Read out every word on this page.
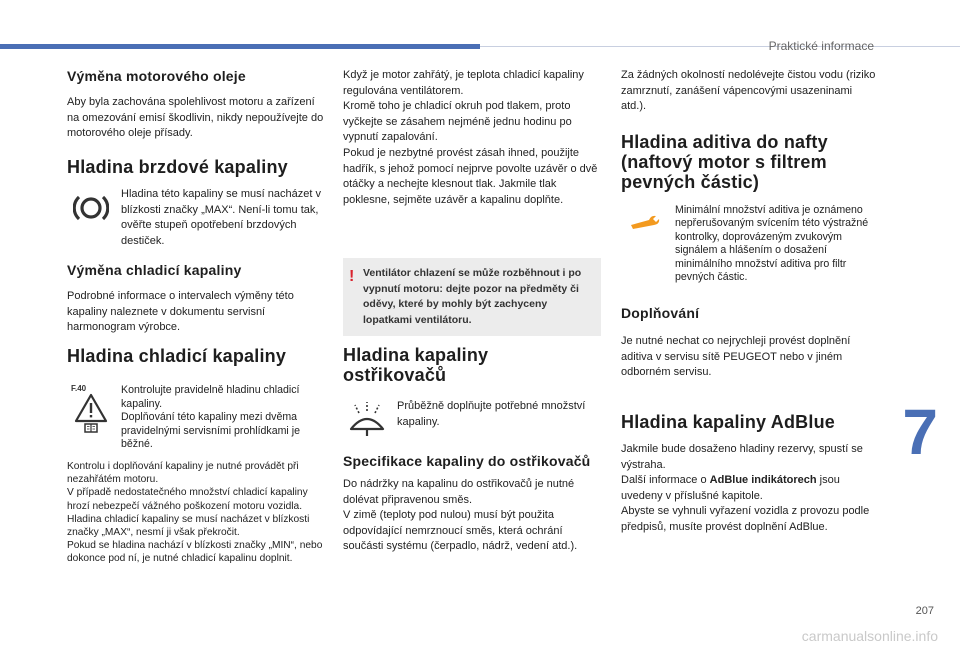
Praktické informace
7
207
carmanualsonline.info
Výměna motorového oleje

Aby byla zachována spolehlivost motoru a zařízení na omezování emisí škodlivin, nikdy nepoužívejte do motorového oleje přísady.

Hladina brzdové kapaliny

Hladina této kapaliny se musí nacházet v blízkosti značky „MAX“. Není-li tomu tak, ověřte stupeň opotřebení brzdových destiček.

Výměna chladicí kapaliny

Podrobné informace o intervalech výměny této kapaliny naleznete v dokumentu servisní harmonogram výrobce.

Hladina chladicí kapaliny
F.40	Kontrolujte pravidelně hladinu chladicí kapaliny.
Doplňování této kapaliny mezi dvěma pravidelnými servisními prohlídkami je běžné.

Kontrolu i doplňování kapaliny je nutné provádět při nezahřátém motoru.
V případě nedostatečného množství chladicí kapaliny hrozí nebezpečí vážného poškození motoru vozidla.
Hladina chladicí kapaliny se musí nacházet v blízkosti značky „MAX“, nesmí ji však překročit.
Pokud se hladina nachází v blízkosti značky „MIN“, nebo dokonce pod ní, je nutné chladicí kapalinu doplnit.

Když je motor zahřátý, je teplota chladicí kapaliny regulována ventilátorem.
Kromě toho je chladicí okruh pod tlakem, proto vyčkejte se zásahem nejméně jednu hodinu po vypnutí zapalování.
Pokud je nezbytné provést zásah ihned, použijte hadřík, s jehož pomocí nejprve povolte uzávěr o dvě otáčky a nechejte klesnout tlak. Jakmile tlak poklesne, sejměte uzávěr a kapalinu doplňte.

! Ventilátor chlazení se může rozběhnout i po vypnutí motoru: dejte pozor na předměty či oděvy, které by mohly být zachyceny lopatkami ventilátoru.
Hladina kapaliny ostřikovačů

Průběžně doplňujte potřebné množství kapaliny.

Specifikace kapaliny do ostřikovačů

Do nádržky na kapalinu do ostřikovačů je nutné dolévat připravenou směs.
V zimě (teploty pod nulou) musí být použita odpovídající nemrznoucí směs, která ochrání součásti systému (čerpadlo, nádrž, vedení atd.).

Za žádných okolností nedolévejte čistou vodu (riziko zamrznutí, zanášení vápencovými usazeninami atd.).

Hladina aditiva do nafty (naftový motor s filtrem pevných částic)

Minimální množství aditiva je oznámeno nepřerušovaným svícením této výstražné kontrolky, doprovázeným zvukovým signálem a hlášením o dosažení minimálního množství aditiva pro filtr pevných částic.

Doplňování

Je nutné nechat co nejrychleji provést doplnění aditiva v servisu sítě PEUGEOT nebo v jiném odborném servisu.

Hladina kapaliny AdBlue

Jakmile bude dosaženo hladiny rezervy, spustí se výstraha.

Další informace o AdBlue indikátorech jsou uvedeny v příslušné kapitole.

Abyste se vyhnuli vyřazení vozidla z provozu podle předpisů, musíte provést doplnění AdBlue.
